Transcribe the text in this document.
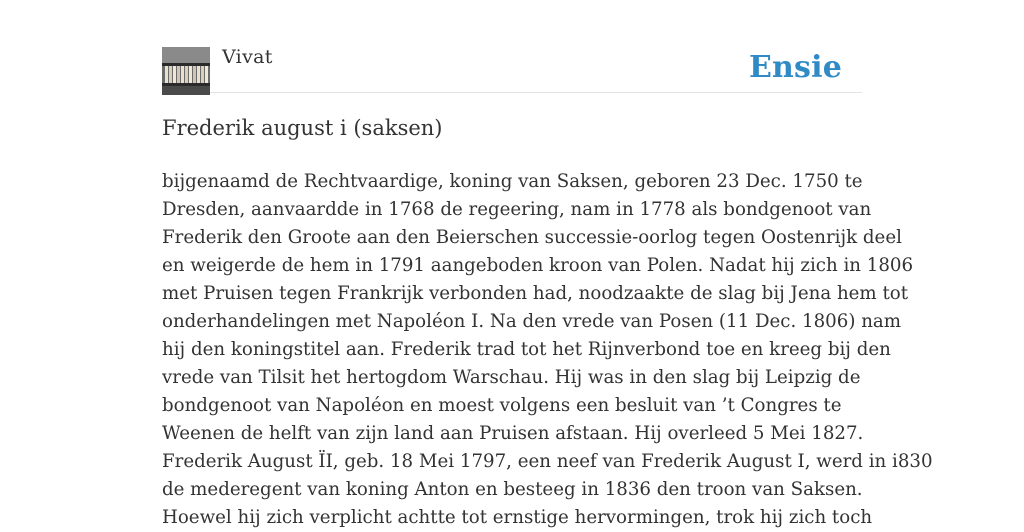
Vivat	Ensie
Frederik august i (saksen)
bijgenaamd de Rechtvaardige, koning van Saksen, geboren 23 Dec. 1750 te
Dresden, aanvaardde in 1768 de regeering, nam in 1778 als bondgenoot van
Frederik den Groote aan den Beierschen successie-oorlog tegen Oostenrijk deel
en weigerde de hem in 1791 aangeboden kroon van Polen. Nadat hij zich in 1806
met Pruisen tegen Frankrijk verbonden had, noodzaakte de slag bij Jena hem tot
onderhandelingen met Napoléon I. Na den vrede van Posen (11 Dec. 1806) nam
hij den koningstitel aan. Frederik trad tot het Rijnverbond toe en kreeg bij den
vrede van Tilsit het hertogdom Warschau. Hij was in den slag bij Leipzig de
bondgenoot van Napoléon en moest volgens een besluit van ’t Congres te
Weenen de helft van zijn land aan Pruisen afstaan. Hij overleed 5 Mei 1827.
Frederik August ÏI, geb. 18 Mei 1797, een neef van Frederik August I, werd in i830
de mederegent van koning Anton en besteeg in 1836 den troon van Saksen.
Hoewel hij zich verplicht achtte tot ernstige hervormingen, trok hij zich toch
